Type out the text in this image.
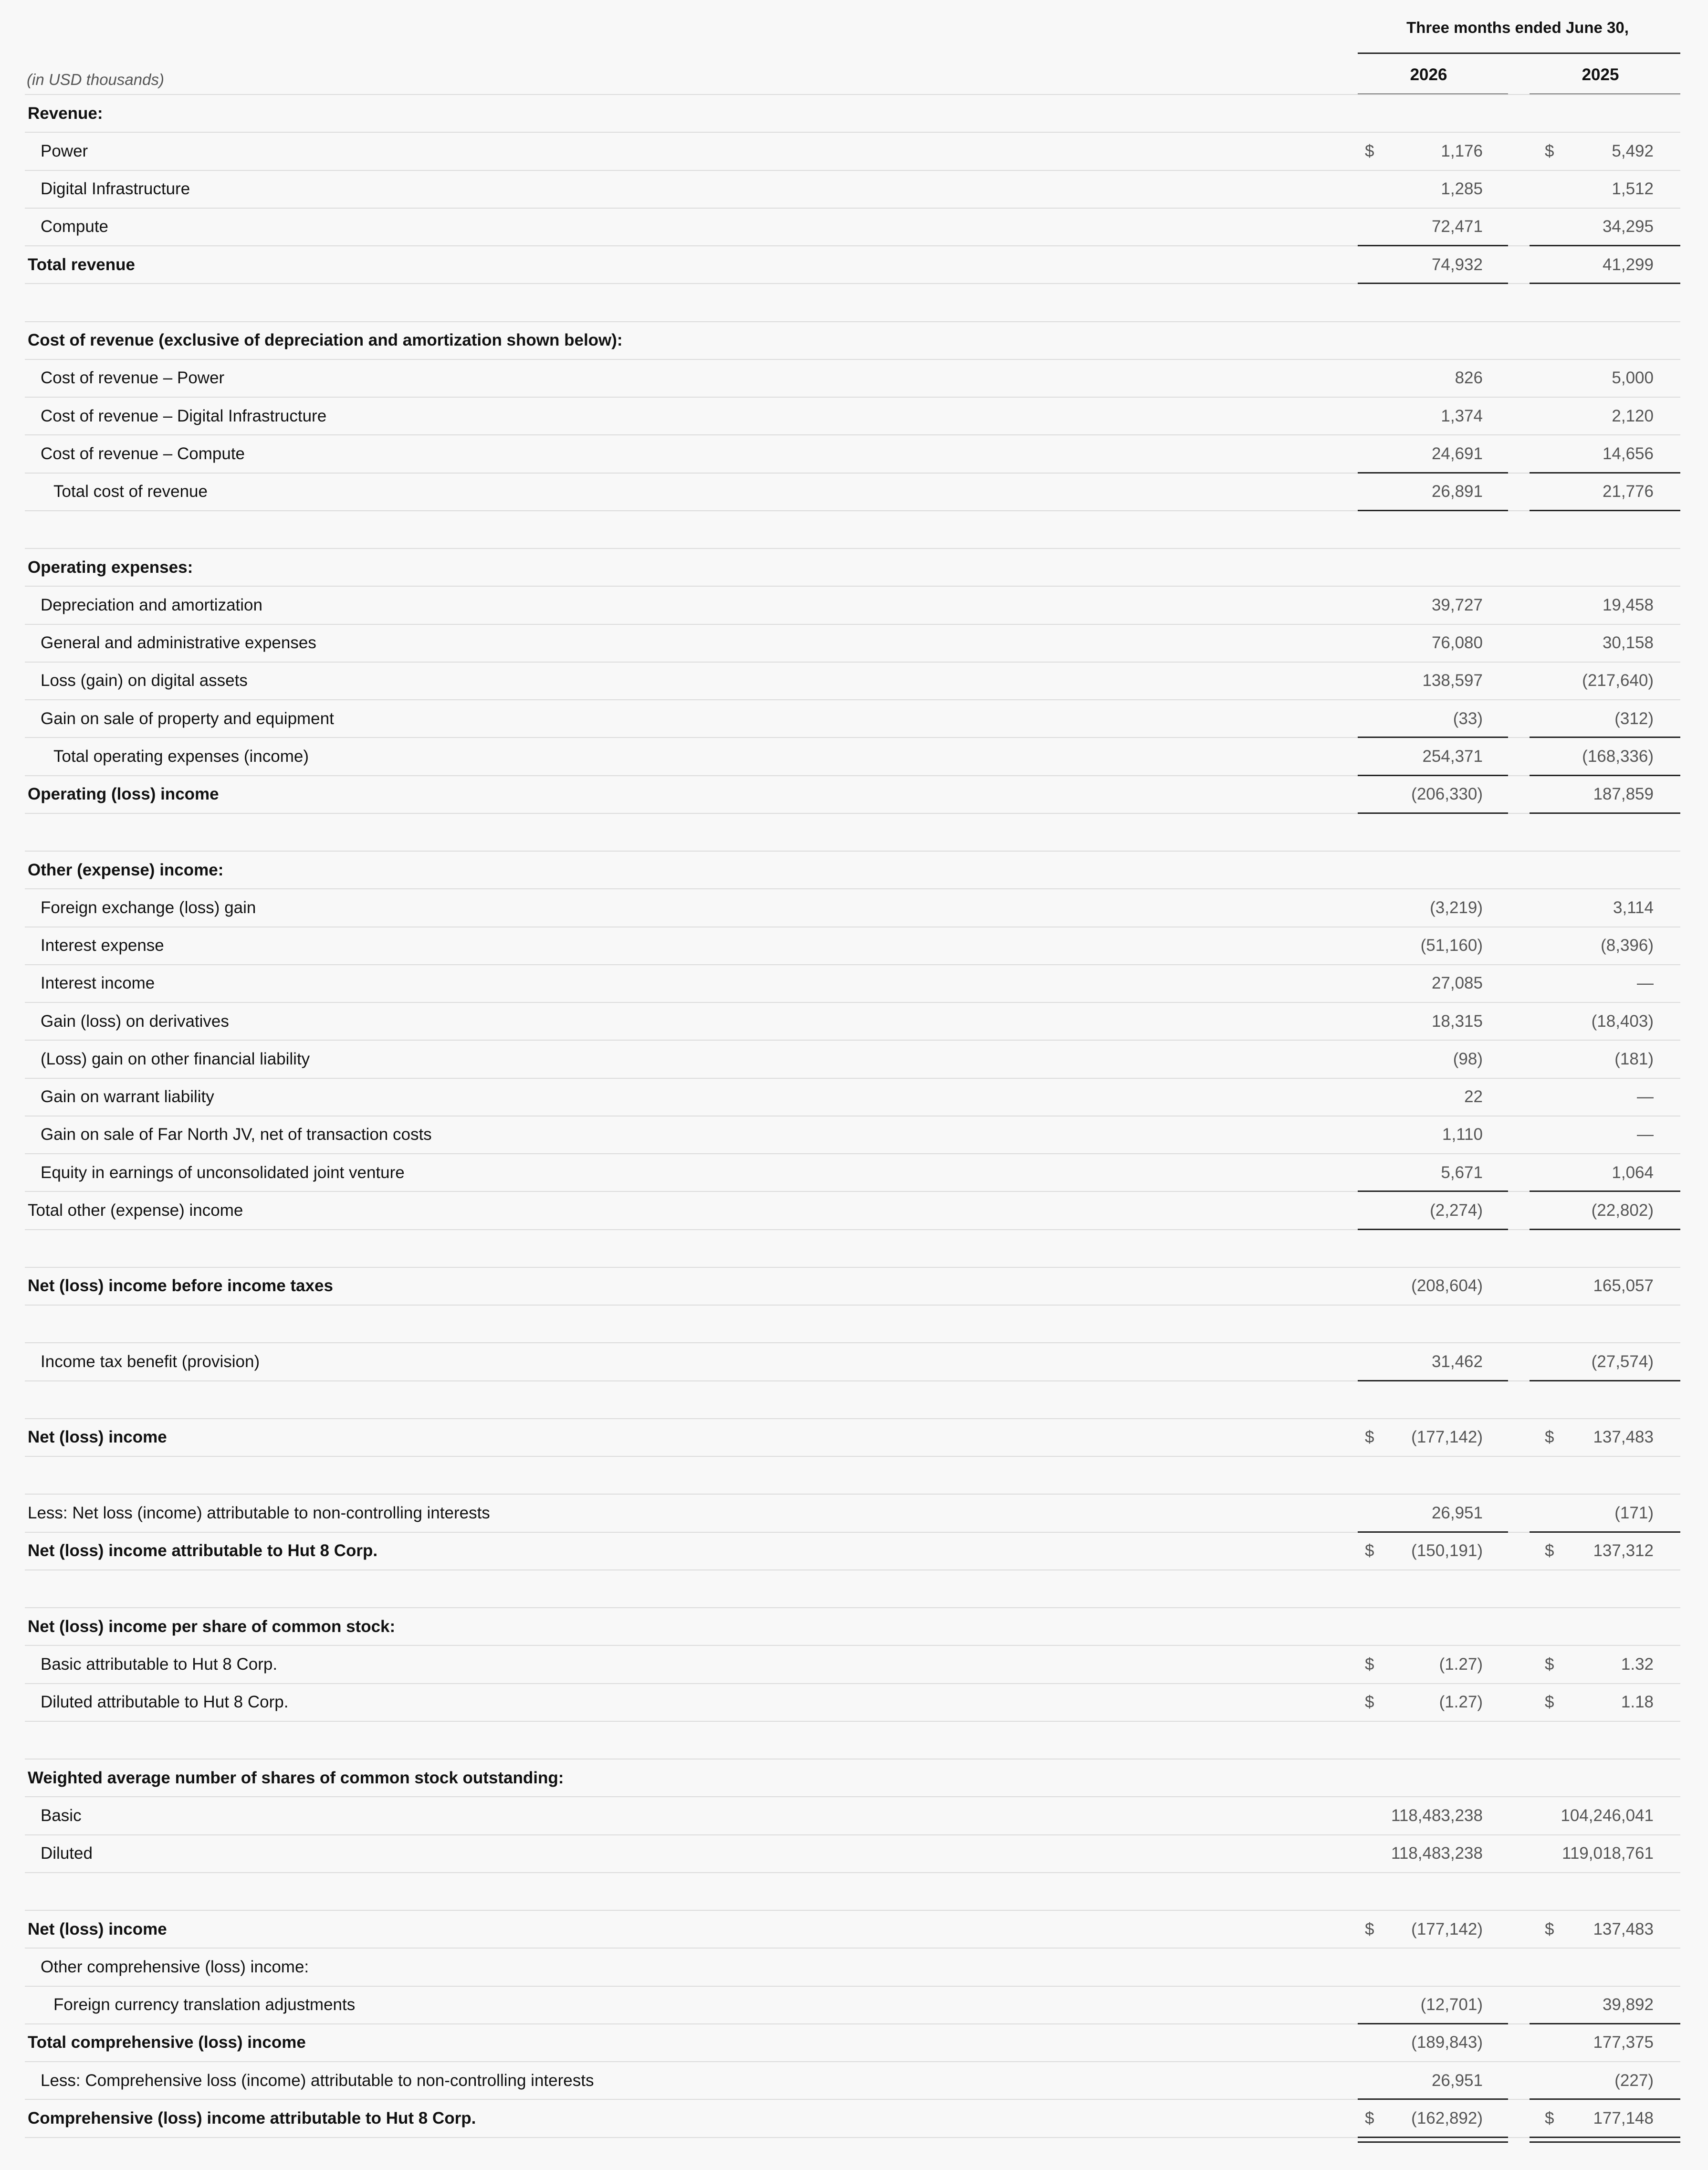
Three months ended June 30,
2026	2025
(in USD thousands)
Revenue:
Power	$	1,176	$	5,492
Digital Infrastructure	1,285	1,512
Compute	72,471	34,295
Total revenue	74,932	41,299
Cost of revenue (exclusive of depreciation and amortization shown below):
Cost of revenue – Power	826	5,000
Cost of revenue – Digital Infrastructure	1,374	2,120
Cost of revenue – Compute	24,691	14,656
Total cost of revenue	26,891	21,776
Operating expenses:
Depreciation and amortization	39,727	19,458
General and administrative expenses	76,080	30,158
Loss (gain) on digital assets	138,597	(217,640)
Gain on sale of property and equipment	(33)	(312)
Total operating expenses (income)	254,371	(168,336)
Operating (loss) income	(206,330)	187,859
Other (expense) income:
Foreign exchange (loss) gain	(3,219)	3,114
Interest expense	(51,160)	(8,396)
Interest income	27,085	—
Gain (loss) on derivatives	18,315	(18,403)
(Loss) gain on other financial liability	(98)	(181)
Gain on warrant liability	22	—
Gain on sale of Far North JV, net of transaction costs	1,110	—
Equity in earnings of unconsolidated joint venture	5,671	1,064
Total other (expense) income	(2,274)	(22,802)
Net (loss) income before income taxes	(208,604)	165,057
Income tax benefit (provision)	31,462	(27,574)
Net (loss) income	$	(177,142)	$	137,483
Less: Net loss (income) attributable to non-controlling interests	26,951	(171)
Net (loss) income attributable to Hut 8 Corp.	$	(150,191)	$	137,312
Net (loss) income per share of common stock:
Basic attributable to Hut 8 Corp.	$	(1.27)	$	1.32
Diluted attributable to Hut 8 Corp.	$	(1.27)	$	1.18
Weighted average number of shares of common stock outstanding:
Basic	118,483,238	104,246,041
Diluted	118,483,238	119,018,761
Net (loss) income	$	(177,142)	$	137,483
Other comprehensive (loss) income:
Foreign currency translation adjustments	(12,701)	39,892
Total comprehensive (loss) income	(189,843)	177,375
Less: Comprehensive loss (income) attributable to non-controlling interests	26,951	(227)
Comprehensive (loss) income attributable to Hut 8 Corp.	$	(162,892)	$	177,148
